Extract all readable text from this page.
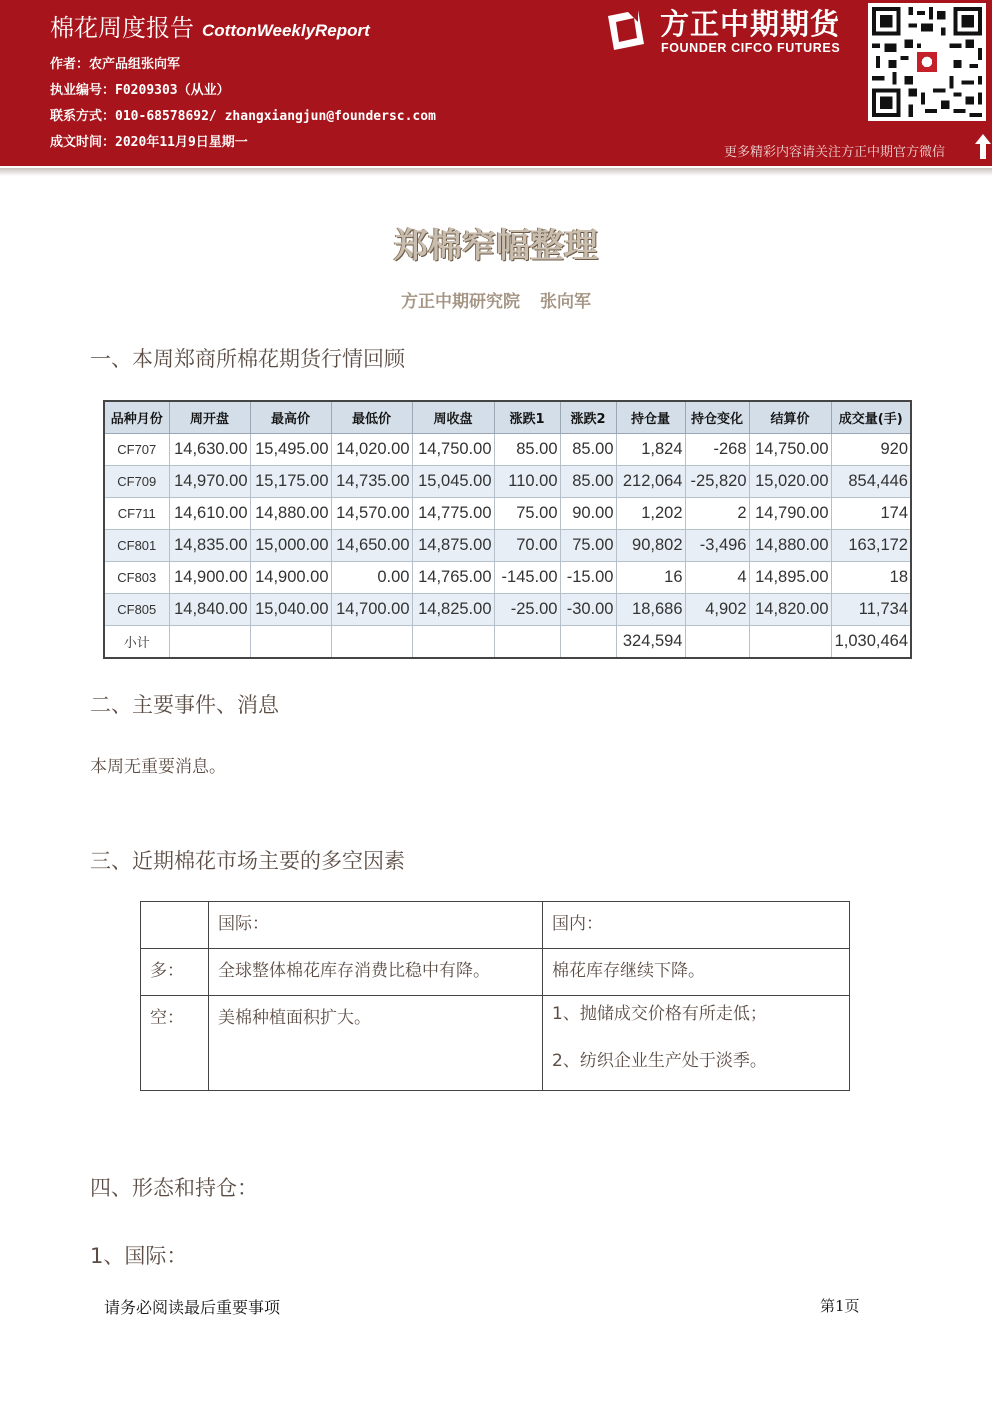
棉花周度报告 CottonWeeklyReport
作者：农产品组张向军
执业编号：F0209303（从业）
联系方式：010-68578692/ zhangxiangjun@foundersc.com
成文时间：2020年11月9日星期一
方正中期期货
FOUNDER CIFCO FUTURES
更多精彩内容请关注方正中期官方微信
郑棉窄幅整理
方正中期研究院 张向军
一、本周郑商所棉花期货行情回顾
品种月份	周开盘	最高价	最低价	周收盘	涨跌1	涨跌2	持仓量	持仓变化	结算价	成交量(手)
CF707	14,630.00	15,495.00	14,020.00	14,750.00	85.00	85.00	1,824	-268	14,750.00	920
CF709	14,970.00	15,175.00	14,735.00	15,045.00	110.00	85.00	212,064	-25,820	15,020.00	854,446
CF711	14,610.00	14,880.00	14,570.00	14,775.00	75.00	90.00	1,202	2	14,790.00	174
CF801	14,835.00	15,000.00	14,650.00	14,875.00	70.00	75.00	90,802	-3,496	14,880.00	163,172
CF803	14,900.00	14,900.00	0.00	14,765.00	-145.00	-15.00	16	4	14,895.00	18
CF805	14,840.00	15,040.00	14,700.00	14,825.00	-25.00	-30.00	18,686	4,902	14,820.00	11,734
小计							324,594			1,030,464
二、主要事件、消息
本周无重要消息。
三、近期棉花市场主要的多空因素
	国际：	国内：
多：	全球整体棉花库存消费比稳中有降。	棉花库存继续下降。
空：	美棉种植面积扩大。	1、抛储成交价格有所走低；
2、纺织企业生产处于淡季。
四、形态和持仓：
1、国际：
请务必阅读最后重要事项	第1页
